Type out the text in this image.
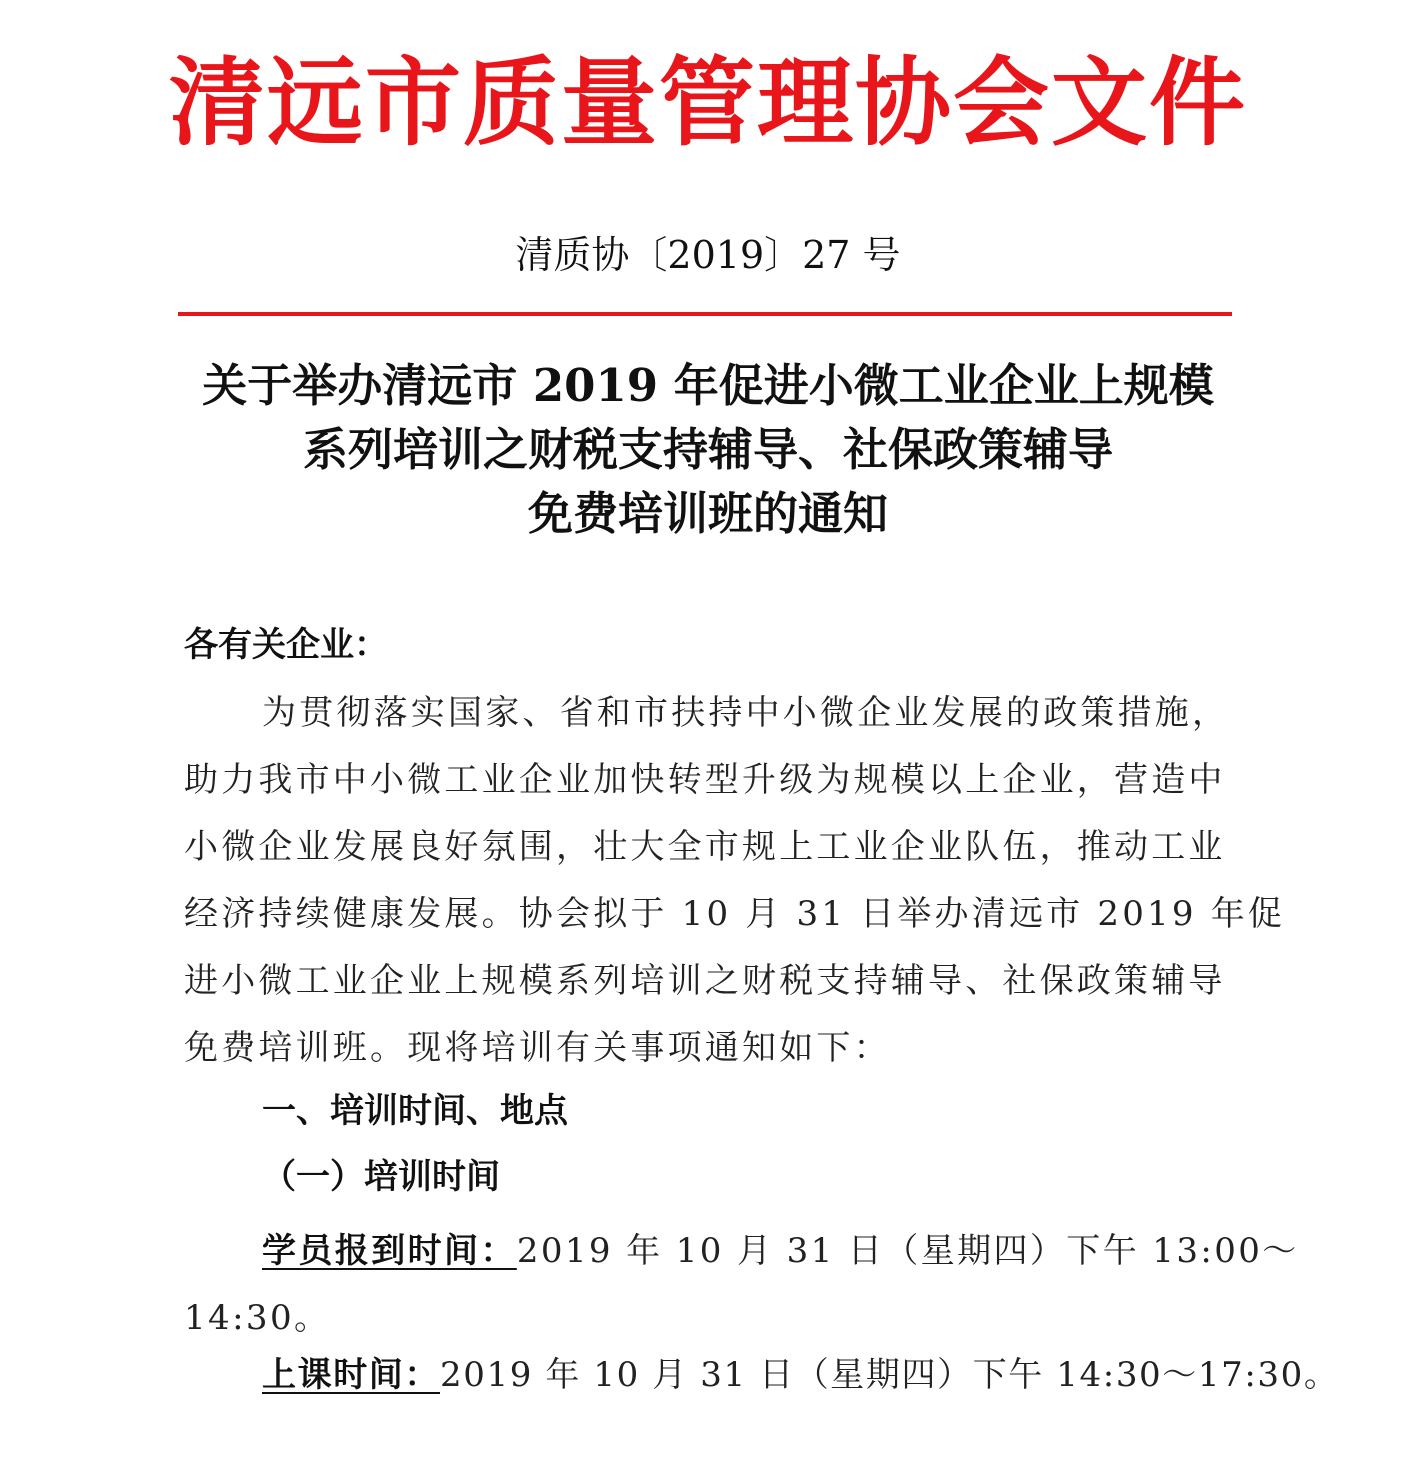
清远市质量管理协会文件
清质协〔2019〕27 号
关于举办清远市 2019 年促进小微工业企业上规模
系列培训之财税支持辅导、社保政策辅导
免费培训班的通知
各有关企业：
为贯彻落实国家、省和市扶持中小微企业发展的政策措施，
助力我市中小微工业企业加快转型升级为规模以上企业，营造中
小微企业发展良好氛围，壮大全市规上工业企业队伍，推动工业
经济持续健康发展。协会拟于 10 月 31 日举办清远市 2019 年促
进小微工业企业上规模系列培训之财税支持辅导、社保政策辅导
免费培训班。现将培训有关事项通知如下：
一、培训时间、地点
（一）培训时间
学员报到时间：2019 年 10 月 31 日（星期四）下午 13:00～
14:30。
上课时间：2019 年 10 月 31 日（星期四）下午 14:30～17:30。
